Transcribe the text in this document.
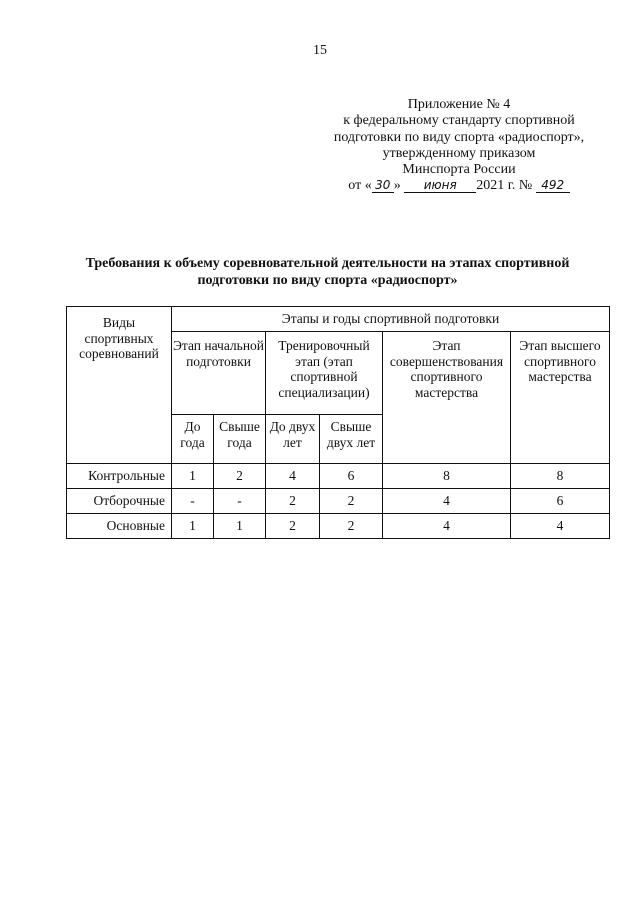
15
Приложение № 4
к федеральному стандарту спортивной
подготовки по виду спорта «радиоспорт»,
утвержденному приказом
Минспорта России
от « 30 » июня 2021 г. № 492
Требования к объему соревновательной деятельности на этапах спортивной подготовки по виду спорта «радиоспорт»
Виды спортивных соревнований	Этапы и годы спортивной подготовки					
	Этап начальной подготовки		Тренировочный этап (этап спортивной специализации)		Этап совершенствования спортивного мастерства	Этап высшего спортивного мастерства
	До года	Свыше года	До двух лет	Свыше двух лет		
Контрольные	1	2	4	6	8	8
Отборочные	-	-	2	2	4	6
Основные	1	1	2	2	4	4
